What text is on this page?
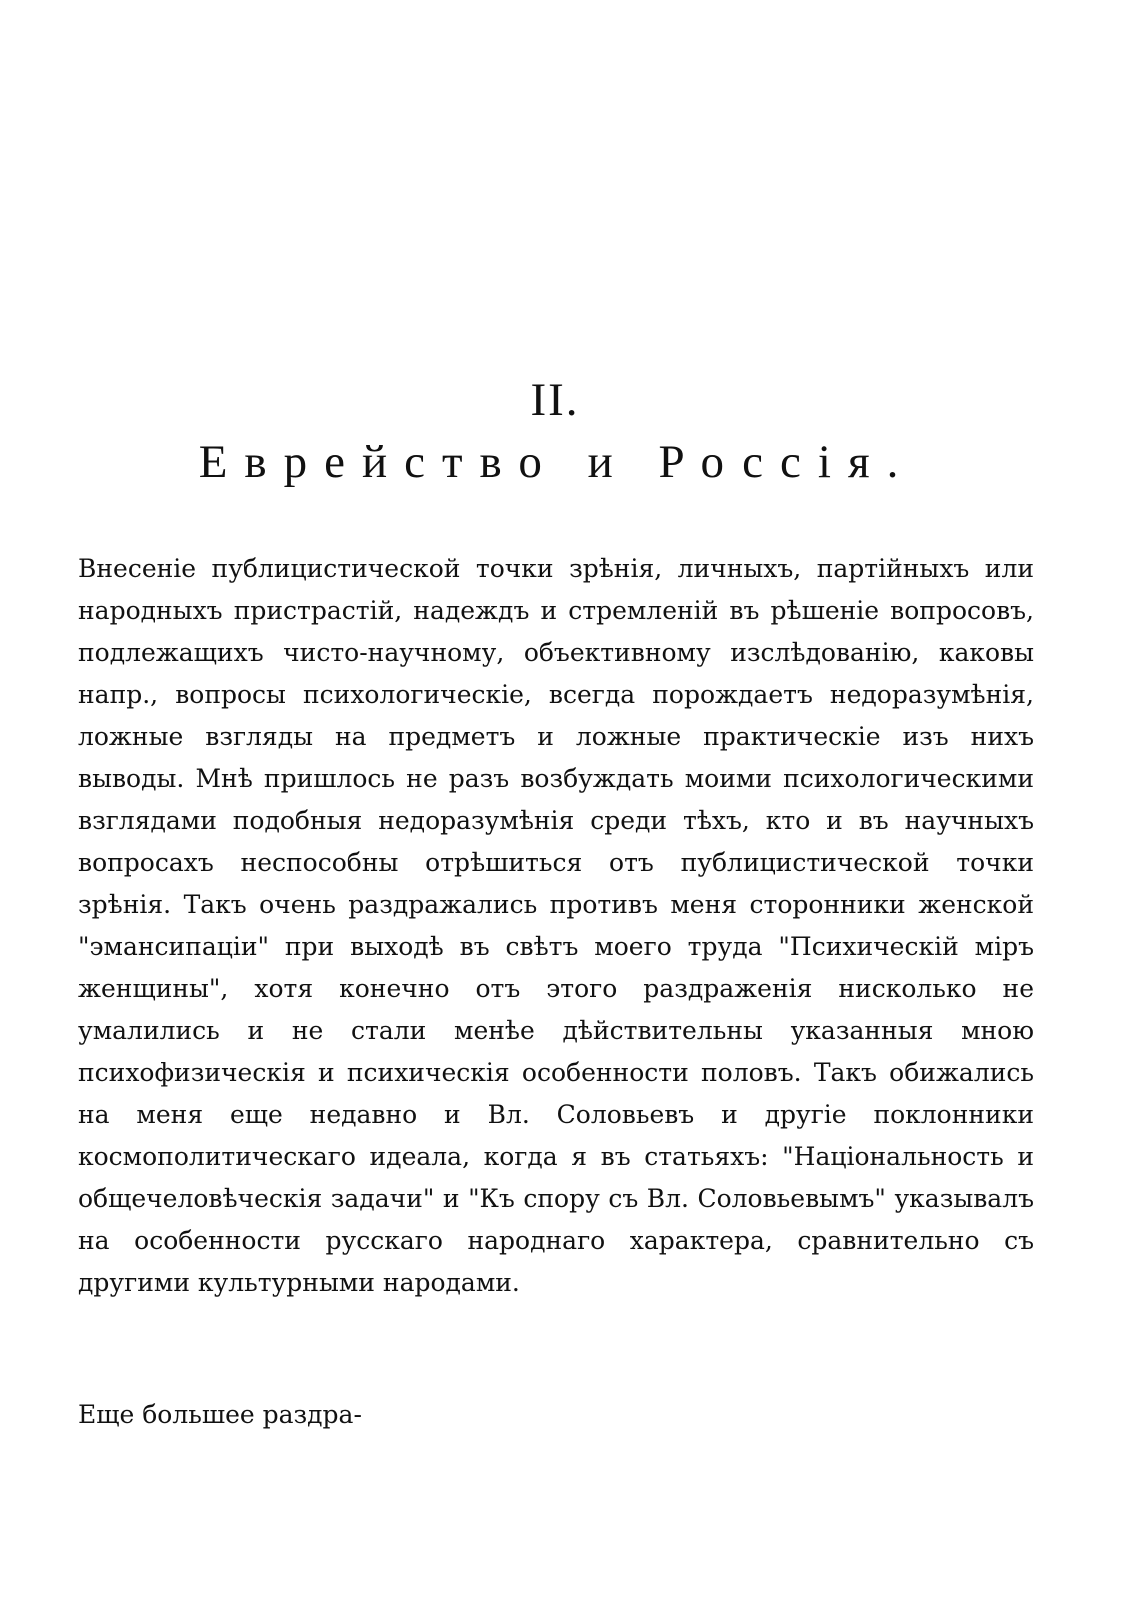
II.
Еврейство и Россiя.

Внесенiе публицистической точки зрѣнiя, личныхъ, партiйныхъ или народныхъ пристрастiй, надеждъ и стремленiй въ рѣшенiе вопросовъ, подлежащихъ чисто-научному, объективному изслѣдованiю, каковы напр., вопросы психологическiе, всегда порождаетъ недоразумѣнiя, ложные взгляды на предметъ и ложные практическiе изъ нихъ выводы. Мнѣ пришлось не разъ возбуждать моими психологическими взглядами подобныя недоразумѣнiя среди тѣхъ, кто и въ научныхъ вопросахъ неспособны отрѣшиться отъ публицистической точки зрѣнiя. Такъ очень раздражались противъ меня сторонники женской "эмансипацiи" при выходѣ въ свѣтъ моего труда "Психическiй мiръ женщины", хотя конечно отъ этого раздраженiя нисколько не умалились и не стали менѣе дѣйствительны указанныя мною психофизическiя и психическiя особенности половъ. Такъ обижались на меня еще недавно и Вл. Соловьевъ и другiе поклонники космополитическаго идеала, когда я въ статьяхъ: "Нацiональность и общечеловѣческiя задачи" и "Къ спору съ Вл. Соловьевымъ" указывалъ на особенности русскаго народнаго характера, сравнительно съ другими культурными народами.

Еще большее раздра-
